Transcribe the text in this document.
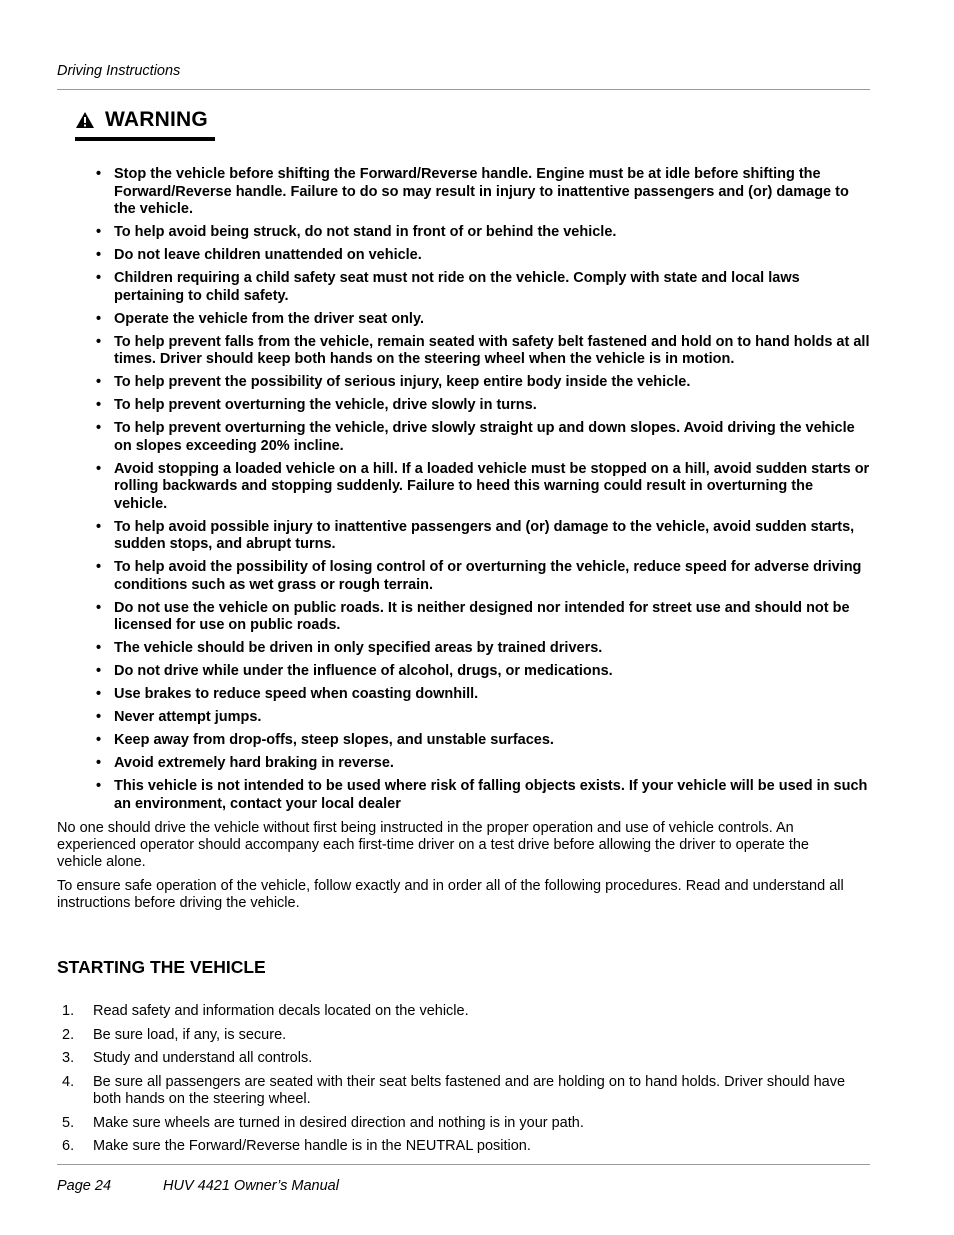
Driving Instructions
WARNING
• Stop the vehicle before shifting the Forward/Reverse handle. Engine must be at idle before shifting the Forward/Reverse handle. Failure to do so may result in injury to inattentive passengers and (or) damage to the vehicle.
• To help avoid being struck, do not stand in front of or behind the vehicle.
• Do not leave children unattended on vehicle.
• Children requiring a child safety seat must not ride on the vehicle. Comply with state and local laws pertaining to child safety.
• Operate the vehicle from the driver seat only.
• To help prevent falls from the vehicle, remain seated with safety belt fastened and hold on to hand holds at all times. Driver should keep both hands on the steering wheel when the vehicle is in motion.
• To help prevent the possibility of serious injury, keep entire body inside the vehicle.
• To help prevent overturning the vehicle, drive slowly in turns.
• To help prevent overturning the vehicle, drive slowly straight up and down slopes. Avoid driving the vehicle on slopes exceeding 20% incline.
• Avoid stopping a loaded vehicle on a hill. If a loaded vehicle must be stopped on a hill, avoid sudden starts or rolling backwards and stopping suddenly. Failure to heed this warning could result in overturning the vehicle.
• To help avoid possible injury to inattentive passengers and (or) damage to the vehicle, avoid sudden starts, sudden stops, and abrupt turns.
• To help avoid the possibility of losing control of or overturning the vehicle, reduce speed for adverse driving conditions such as wet grass or rough terrain.
• Do not use the vehicle on public roads. It is neither designed nor intended for street use and should not be licensed for use on public roads.
• The vehicle should be driven in only specified areas by trained drivers.
• Do not drive while under the influence of alcohol, drugs, or medications.
• Use brakes to reduce speed when coasting downhill.
• Never attempt jumps.
• Keep away from drop-offs, steep slopes, and unstable surfaces.
• Avoid extremely hard braking in reverse.
• This vehicle is not intended to be used where risk of falling objects exists. If your vehicle will be used in such an environment, contact your local dealer

No one should drive the vehicle without first being instructed in the proper operation and use of vehicle controls. An experienced operator should accompany each first-time driver on a test drive before allowing the driver to operate the vehicle alone.

To ensure safe operation of the vehicle, follow exactly and in order all of the following procedures. Read and understand all instructions before driving the vehicle.

STARTING THE VEHICLE
1. Read safety and information decals located on the vehicle.
2. Be sure load, if any, is secure.
3. Study and understand all controls.
4. Be sure all passengers are seated with their seat belts fastened and are holding on to hand holds. Driver should have both hands on the steering wheel.
5. Make sure wheels are turned in desired direction and nothing is in your path.
6. Make sure the Forward/Reverse handle is in the NEUTRAL position.
Page 24	HUV 4421 Owner’s Manual
